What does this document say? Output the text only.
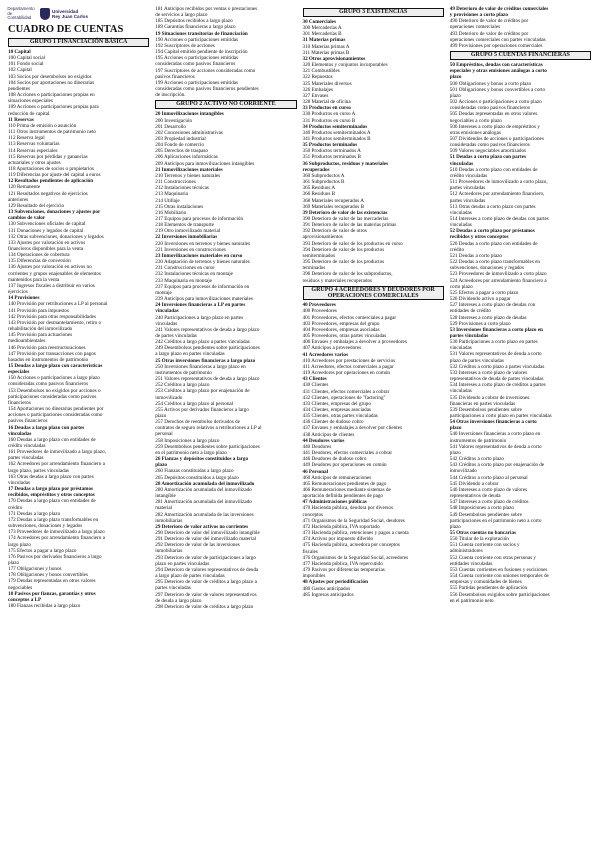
Departamento de
Contabilidad
Universidad
Rey Juan Carlos
CUADRO DE CUENTAS
GRUPO 1 FINANCIACIÓN BÁSICA
10 Capital
100 Capital social
101 Fondo social
102 Capital
103 Socios por desembolsos no exigidos
104 Socios por aportaciones no dinerarias
pendientes
108 Acciones o participaciones propias en
situaciones especiales
109 Acciones o participaciones propias para
reducción de capital
11 Reservas
110 Prima de emisión o asunción
111 Otros instrumentos de patrimonio neto
112 Reserva legal
113 Reservas voluntarias
114 Reservas especiales
115 Reservas por pérdidas y ganancias
actuariales y otros ajustes
118 Aportaciones de socios o propietarios
119 Diferencias por ajuste del capital a euros
12 Resultados pendientes de aplicación
120 Remanente
121 Resultados negativos de ejercicios
anteriores
129 Resultado del ejercicio
13 Subvenciones, donaciones y ajustes por
cambios de valor
130 Subvenciones oficiales de capital
131 Donaciones y legados de capital
132 Otras subvenciones, donaciones y legados
133 Ajustes por valoración en activos
financieros disponibles para la venta
134 Operaciones de cobertura
135 Diferencias de conversión
136 Ajustes por valoración en activos no
corrientes y grupos enajenables de elementos
mantenidos para la venta
137 Ingresos fiscales a distribuir en varios
ejercicios
14 Provisiones
140 Provisión por retribuciones a LP al personal
141 Provisión para impuestos
142 Provisión para otras responsabilidades
143 Provisión por desmantelamiento, retiro o
rehabilitación del inmovilizado
145 Provisión para actuaciones
medioambientales
146 Provisión para reestructuraciones
147 Provisión por transacciones con pagos
basados en instrumentos de patrimonio
15 Deudas a largo plazo con características
especiales
150 Acciones o participaciones a largo plazo
consideradas como pasivos financieros
153 Desembolsos no exigidos por acciones o
participaciones consideradas como pasivos
financieros
154 Aportaciones no dinerarias pendientes por
acciones o participaciones consideradas como
pasivos financieros
16 Deudas a largo plazo con partes
vinculadas
160 Deudas a largo plazo con entidades de
crédito vinculadas
161 Proveedores de inmovilizado a largo plazo,
partes vinculadas
162 Acreedores por arrendamiento financiero a
largo plazo, partes vinculadas
163 Otras deudas a largo plazo con partes
vinculadas
17 Deudas a largo plazo por préstamos
recibidos, empréstitos y otros conceptos
170 Deudas a largo plazo con entidades de
crédito
171 Deudas a largo plazo
172 Deudas a largo plazo transformables en
subvenciones, donaciones y legados
173 Proveedores de inmovilizado a largo plazo
174 Acreedores por arrendamiento financiero a
largo plazo
175 Efectos a pagar a largo plazo
176 Pasivos por derivados financieros a largo
plazo
177 Obligaciones y bonos
178 Obligaciones y bonos convertibles
179 Deudas representadas en otros valores
negociables
18 Pasivos por fianzas, garantías y otros
conceptos a LP
180 Fianzas recibidas a largo plazo
181 Anticipos recibidos por ventas o prestaciones
de servicios a largo plazo
185 Depósitos recibidos a largo plazo
189 Garantías financieras a largo plazo
19 Situaciones transitorias de financiación
190 Acciones o participaciones emitidas
192 Suscriptores de acciones
194 Capital emitido pendiente de inscripción
195 Acciones o participaciones emitidas
consideradas como pasivos financieros
197 Suscriptores de acciones consideradas como
pasivos financieros
199 Acciones o participaciones emitidas
consideradas como pasivos financieros pendientes
de inscripción.
GRUPO 2 ACTIVO NO CORRIENTE
20 Inmovilizaciones intangibles
200 Investigación
201 Desarrollo
202 Concesiones administrativas
203 Propiedad industrial
204 Fondo de comercio
205 Derechos de traspaso
206 Aplicaciones informáticas
209 Anticipos para inmovilizaciones intangibles
21 Inmovilizaciones materiales
210 Terrenos y bienes naturales
211 Construcciones
212 Instalaciones técnicas
213 Maquinaria
214 Utillaje
215 Otras instalaciones
216 Mobiliario
217 Equipos para procesos de información
218 Elementos de transporte
219 Otro inmovilizado material
22 Inversiones inmobiliarias
220 Inversiones en terrenos y bienes naturales
221 Inversiones en construcciones
23 Inmovilizaciones materiales en curso
230 Adaptación de terrenos y bienes naturales
231 Construcciones en curso
232 Instalaciones técnicas en montaje
233 Maquinaria en montaje
237 Equipos para procesos de información en
montaje
239 Anticipos para inmovilizaciones materiales
24 Inversiones financieras a LP en partes
vinculadas
240 Participaciones a largo plazo en partes
vinculadas
241 Valores representativos de deuda a largo plazo
de partes vinculadas
242 Créditos a largo plazo a partes vinculadas
249 Desembolsos pendientes sobre participaciones
a largo plazo en partes vinculadas
25 Otras inversiones financieras a largo plazo
250 Inversiones financieras a largo plazo en
instrumentos de patrimonio
251 Valores representativos de deuda a largo plazo
252 Créditos a largo plazo
253 Créditos a largo plazo por enajenación de
inmovilizado
254 Créditos a largo plazo al personal
255 Activos por derivados financieros a largo
plazo
257 Derechos de reembolso derivados de
contratos de seguro relativos a retribuciones a LP al
personal
258 Imposiciones a largo plazo
259 Desembolsos pendientes sobre participaciones
en el patrimonio neto a largo plazo
26 Fianzas y depósitos constituidos a largo
plazo
260 Fianzas constituidas a largo plazo
265 Depósitos constituidos a largo plazo
28 Amortización acumulada del inmovilizado
280 Amortización acumulada del inmovilizado
intangible
281 Amortización acumulada del inmovilizado
material
282 Amortización acumulada de las inversiones
inmobiliarias
29 Deterioro de valor activos no corrientes
290 Deterioro de valor del inmovilizado intangible
291 Deterioro de valor del inmovilizado material
292 Deterioro de valor de las inversiones
inmobiliarias
293 Deterioro de valor de participaciones a largo
plazo en partes vinculadas
294 Deterioro de valores representativos de deuda
a largo plazo de partes vinculadas
295 Deterioro de valor de créditos a largo plazo a
partes vinculadas
297 Deterioro de valor de valores representativos
de deuda a largo plazo
298 Deterioro de valor de créditos a largo plazo
GRUPO 3 EXISTENCIAS
30 Comerciales
300 Mercaderías A
301 Mercaderías B
31 Materias primas
310 Materias primas A
311 Materias primas B
32 Otros aprovisionamientos
320 Elementos y conjuntos incorporables
321 Combustibles
322 Repuestos
325 Materiales diversos
326 Embalajes
327 Envases
328 Material de oficina
33 Productos en curso
330 Productos en curso A
331 Productos en curso B
34 Productos semiterminados
340 Productos semiterminados A
341 Productos semiterminados B
35 Productos terminados
350 Productos terminados A
351 Productos terminados B
36 Subproductos, residuos y materiales
recuperados
360 Subproductos A
361 Subproductos B
365 Residuos A
366 Residuos B
368 Materiales recuperados A
369 Materiales recuperados B
39 Deterioro de valor de las existencias
390 Deterioro de valor de las mercaderías
391 Deterioro de valor de las materias primas
392 Deterioro de valor de otros
aprovisionamientos
393 Deterioro de valor de los productos en curso
394 Deterioro de valor de los productos
semiterminados
395 Deterioro de valor de los productos
terminados
396 Deterioro de valor de los subproductos,
residuos y materiales recuperados
GRUPO 4 ACREEDORES Y DEUDORES POR OPERACIONES COMERCIALES
40 Proveedores
400 Proveedores
401 Proveedores, efectos comerciales a pagar
403 Proveedores, empresas del grupo
404 Proveedores, empresas asociadas
405 Proveedores, otras partes vinculadas
406 Envases y embalajes a devolver a proveedores
407 Anticipos a proveedores
41 Acreedores varios
410 Acreedores por prestaciones de servicios
411 Acreedores, efectos comerciales a pagar
419 Acreedores por operaciones en común
43 Clientes
430 Clientes
431 Clientes, efectos comerciales a cobrar
432 Clientes, operaciones de "factoring"
433 Clientes, empresas del grupo
434 Clientes, empresas asociadas
435 Clientes, otras partes vinculadas
436 Clientes de dudoso cobro
437 Envases y embalajes a devolver por clientes
438 Anticipos de clientes
44 Deudores varios
440 Deudores
441 Deudores, efectos comerciales a cobrar
446 Deudores de dudoso cobro
449 Deudores por operaciones en común
46 Personal
460 Anticipos de remuneraciones
465 Remuneraciones pendientes de pago
466 Remuneraciones mediante sistemas de
aportación definida pendientes de pago
47 Administraciones públicas
470 Hacienda pública, deudora por diversos
conceptos
471 Organismos de la Seguridad Social, deudores
472 Hacienda pública, IVA soportado
473 Hacienda pública, retenciones y pagos a cuenta
474 Activos por impuesto diferido
475 Hacienda pública, acreedora por conceptos
fiscales
476 Organismos de la Seguridad Social, acreedores
477 Hacienda pública, IVA repercutido
479 Pasivos por diferencias temporarias
imponibles
48 Ajustes por periodificación
480 Gastos anticipados
485 Ingresos anticipados
49 Deterioro de valor de créditos comerciales
y provisiones a corto plazo
490 Deterioro de valor de créditos por
operaciones comerciales
493 Deterioro de valor de créditos por
operaciones comerciales con partes vinculadas
499 Provisiones por operaciones comerciales
GRUPO 5 CUENTAS FINANCIERAS
50 Empréstitos, deudas con características
especiales y otras emisiones análogas a corto
plazo
500 Obligaciones y bonos a corto plazo
501 Obligaciones y bonos convertibles a corto
plazo
502 Acciones o participaciones a corto plazo
consideradas como pasivos financieros
505 Deudas representadas en otros valores
negociables a corto plazo
506 Intereses a corto plazo de empréstitos y
otras emisiones análogas
507 Dividendos de acciones o participaciones
consideradas como pasivos financieros
509 Valores negociables amortizados
51 Deudas a corto plazo con partes
vinculadas
510 Deudas a corto plazo con entidades de
crédito vinculadas
511 Proveedores de inmovilizado a corto plazo,
partes vinculadas
512 Acreedores por arrendamiento financiero,
partes vinculadas
513 Otras deudas a corto plazo con partes
vinculadas
514 Intereses a corto plazo de deudas con partes
vinculadas
52 Deudas a corto plazo por préstamos
recibidos y otros conceptos
520 Deudas a corto plazo con entidades de
crédito
521 Deudas a corto plazo
522 Deudas a corto plazo transformables en
subvenciones, donaciones y legados
523 Proveedores de inmovilizado a corto plazo
524 Acreedores por arrendamiento financiero a
corto plazo
525 Efectos a pagar a corto plazo
526 Dividendo activo a pagar
527 Intereses a corto plazo de deudas con
entidades de crédito
528 Intereses a corto plazo de deudas
529 Provisiones a corto plazo
53 Inversiones financieras a corto plazo en
partes vinculadas
530 Participaciones a corto plazo en partes
vinculadas
531 Valores representativos de deuda a corto
plazo de partes vinculadas
532 Créditos a corto plazo a partes vinculadas
533 Intereses a corto plazo de valores
representativos de deuda de partes vinculadas
534 Intereses a corto plazo de créditos a partes
vinculadas
535 Dividendo a cobrar de inversiones
financieras en partes vinculadas
539 Desembolsos pendientes sobre
participaciones a corto plazo en partes vinculadas
54 Otras inversiones financieras a corto
plazo
540 Inversiones financieras a corto plazo en
instrumentos de patrimonio
541 Valores representativos de deuda a corto
plazo
542 Créditos a corto plazo
543 Créditos a corto plazo por enajenación de
inmovilizado
544 Créditos a corto plazo al personal
545 Dividendo a cobrar
546 Intereses a corto plazo de valores
representativos de deuda
547 Intereses a corto plazo de créditos
548 Imposiciones a corto plazo
549 Desembolsos pendientes sobre
participaciones en el patrimonio neto a corto
plazo
55 Otras cuentas no bancarias
550 Titular de la explotación
551 Cuenta corriente con socios y
administradores
552 Cuenta corriente con otras personas y
entidades vinculadas
553 Cuentas corrientes en fusiones y escisiones
554 Cuenta corriente con uniones temporales de
empresas y comunidades de bienes
555 Partidas pendientes de aplicación
556 Desembolsos exigidos sobre participaciones
en el patrimonio neto
